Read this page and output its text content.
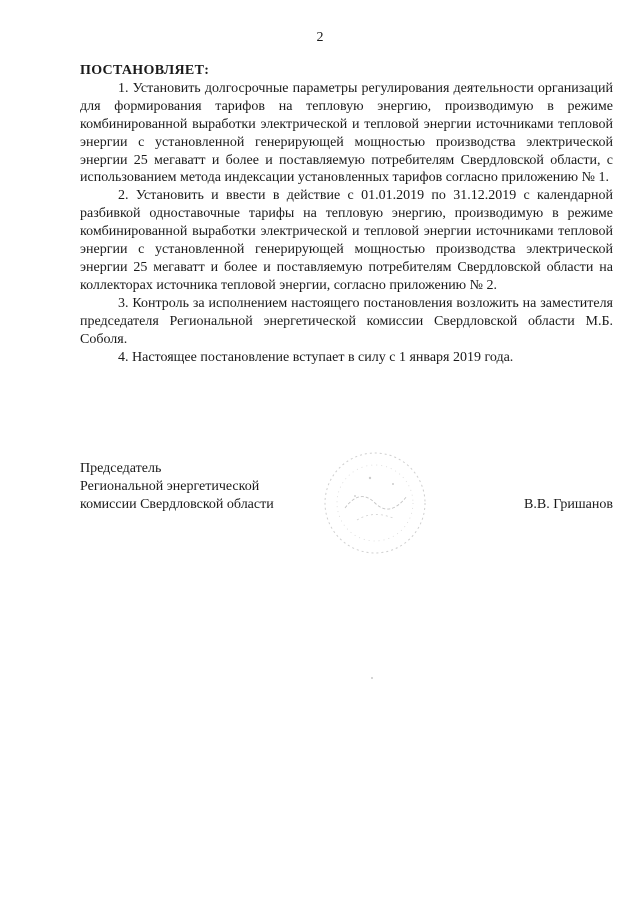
2
ПОСТАНОВЛЯЕТ:
1. Установить долгосрочные параметры регулирования деятельности организаций для формирования тарифов на тепловую энергию, производимую в режиме комбинированной выработки электрической и тепловой энергии источниками тепловой энергии с установленной генерирующей мощностью производства электрической энергии 25 мегаватт и более и поставляемую потребителям Свердловской области, с использованием метода индексации установленных тарифов согласно приложению № 1.
2. Установить и ввести в действие с 01.01.2019 по 31.12.2019 с календарной разбивкой одноставочные тарифы на тепловую энергию, производимую в режиме комбинированной выработки электрической и тепловой энергии источниками тепловой энергии с установленной генерирующей мощностью производства электрической энергии 25 мегаватт и более и поставляемую потребителям Свердловской области на коллекторах источника тепловой энергии, согласно приложению № 2.
3. Контроль за исполнением настоящего постановления возложить на заместителя председателя Региональной энергетической комиссии Свердловской области М.Б. Соболя.
4. Настоящее постановление вступает в силу с 1 января 2019 года.
Председатель
Региональной энергетической
комиссии Свердловской области	В.В. Гришанов
